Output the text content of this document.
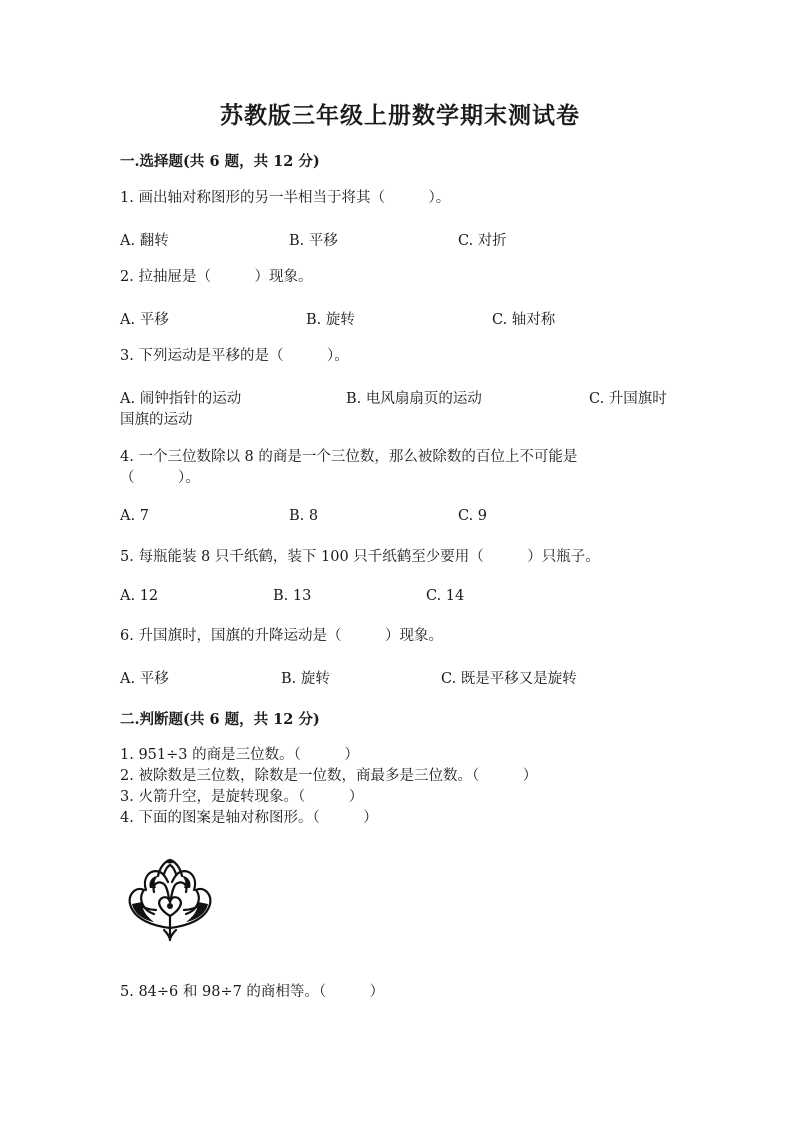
苏教版三年级上册数学期末测试卷
一.选择题(共 6 题，共 12 分)
1. 画出轴对称图形的另一半相当于将其（　　　）。
A. 翻转	B. 平移	C. 对折
2. 拉抽屉是（　　　）现象。
A. 平移	B. 旋转	C. 轴对称
3. 下列运动是平移的是（　　　）。
A. 闹钟指针的运动	B. 电风扇扇页的运动	C. 升国旗时
国旗的运动
4. 一个三位数除以 8 的商是一个三位数，那么被除数的百位上不可能是
（　　　）。
A. 7	B. 8	C. 9
5. 每瓶能装 8 只千纸鹤，装下 100 只千纸鹤至少要用（　　　）只瓶子。
A. 12	B. 13	C. 14
6. 升国旗时，国旗的升降运动是（　　　）现象。
A. 平移	B. 旋转	C. 既是平移又是旋转
二.判断题(共 6 题，共 12 分)
1. 951÷3 的商是三位数。（　　　）
2. 被除数是三位数，除数是一位数，商最多是三位数。（　　　）
3. 火箭升空，是旋转现象。（　　　）
4. 下面的图案是轴对称图形。（　　　）
5. 84÷6 和 98÷7 的商相等。（　　　）
